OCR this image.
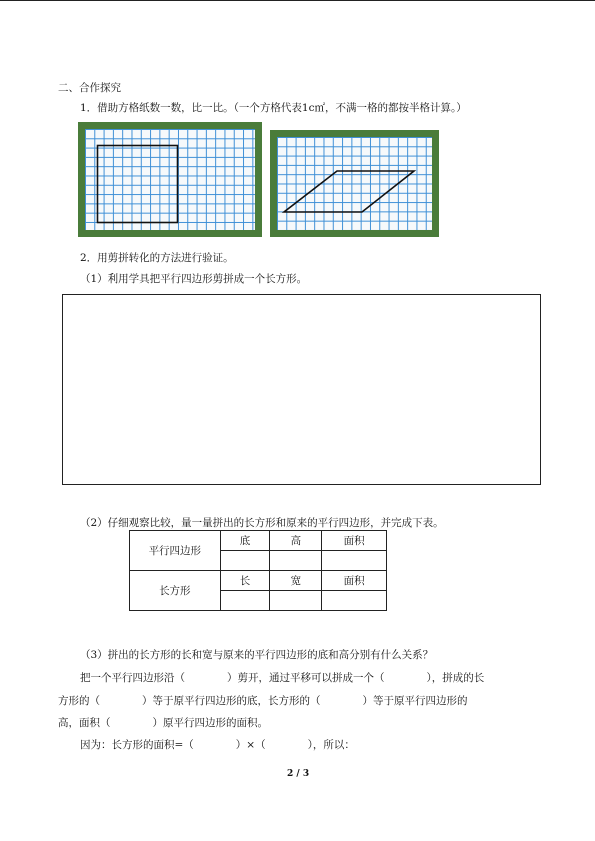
二、合作探究
1．借助方格纸数一数，比一比。（一个方格代表1c㎡，不满一格的都按半格计算。）
2．用剪拼转化的方法进行验证。
（1）利用学具把平行四边形剪拼成一个长方形。
（2）仔细观察比较，量一量拼出的长方形和原来的平行四边形，并完成下表。
平行四边形	底	高	面积

长方形	长	宽	面积

（3）拼出的长方形的长和宽与原来的平行四边形的底和高分别有什么关系？
把一个平行四边形沿（　　　　）剪开，通过平移可以拼成一个（　　　　），拼成的长
方形的（　　　　）等于原平行四边形的底，长方形的（　　　　）等于原平行四边形的
高，面积（　　　　）原平行四边形的面积。
因为：长方形的面积=（　　　　）×（　　　　），所以：
2 / 3
